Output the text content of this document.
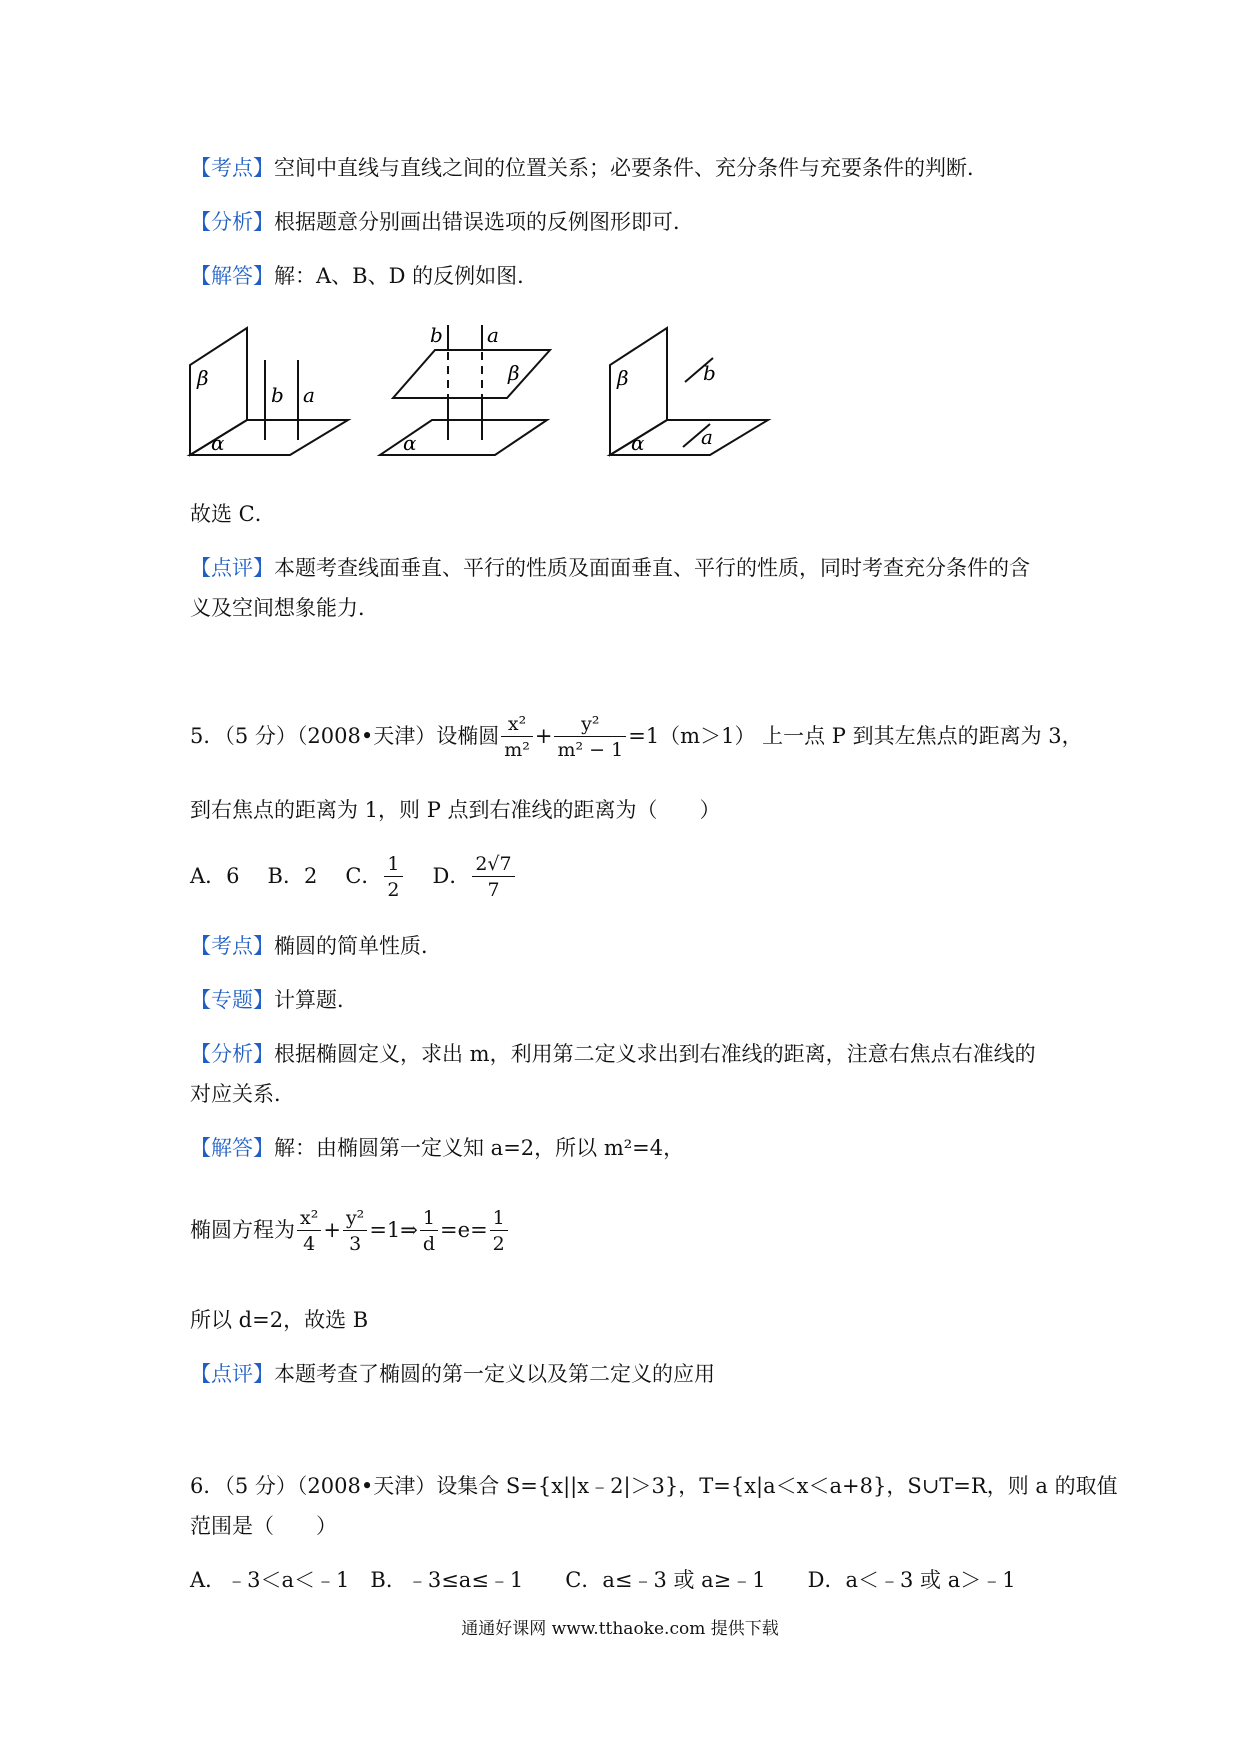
【考点】空间中直线与直线之间的位置关系；必要条件、充分条件与充要条件的判断．
【分析】根据题意分别画出错误选项的反例图形即可．
【解答】解：A、B、D 的反例如图．
β
α
b a
b a
β
α
β
α
b
a
故选 C．
【点评】本题考查线面垂直、平行的性质及面面垂直、平行的性质，同时考查充分条件的含
义及空间想象能力．
5．（5 分）（2008•天津）设椭圆 $\frac{\text{x²}}{\text{m²}} + \frac{\text{y²}}{\text{m² − 1}} =1(m>1)$ 上一点 P 到其左焦点的距离为 3，
到右焦点的距离为 1，则 P 点到右准线的距离为（　　）
A．6 B．2 C． $\frac{1}{2}$ D． $\frac{2√7}{7}$
【考点】椭圆的简单性质．
【专题】计算题．
【分析】根据椭圆定义，求出 m，利用第二定义求出到右准线的距离，注意右焦点右准线的
对应关系．
【解答】解：由椭圆第一定义知 a=2，所以 m²=4，
椭圆方程为 $\frac{\text{x²}}{4} + \frac{\text{y²}}{3}$ =1⇒ $\frac{1}{d} =e= \frac{1}{2}$
所以 d=2，故选 B
【点评】本题考查了椭圆的第一定义以及第二定义的应用
6．（5 分）（2008•天津）设集合 S={x||x﹣2|＞3}，T={x|a＜x＜a+8}，S∪T=R，则 a 的取值
范围是（　　）
A．﹣3＜a＜﹣1　B．﹣3≤a≤﹣1　　C．a≤﹣3 或 a≥﹣1　　D．a＜﹣3 或 a＞﹣1
通通好课网 www.tthaoke.com 提供下载
